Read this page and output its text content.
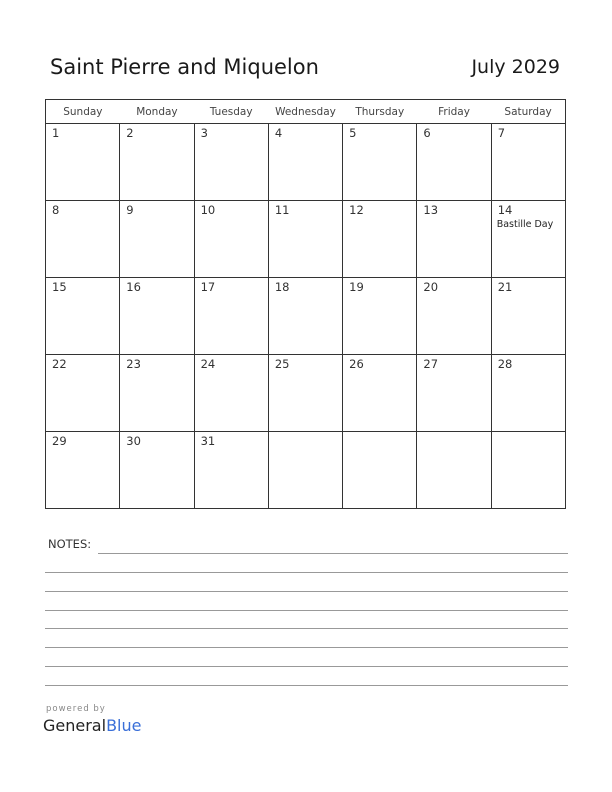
Saint Pierre and Miquelon	July 2029
Sunday	Monday	Tuesday	Wednesday	Thursday	Friday	Saturday

1	2	3	4	5	6	7

8	9	10	11	12	13	14
Bastille Day

15	16	17	18	19	20	21

22	23	24	25	26	27	28

29	30	31				

NOTES:
powered by
GeneralBlue
